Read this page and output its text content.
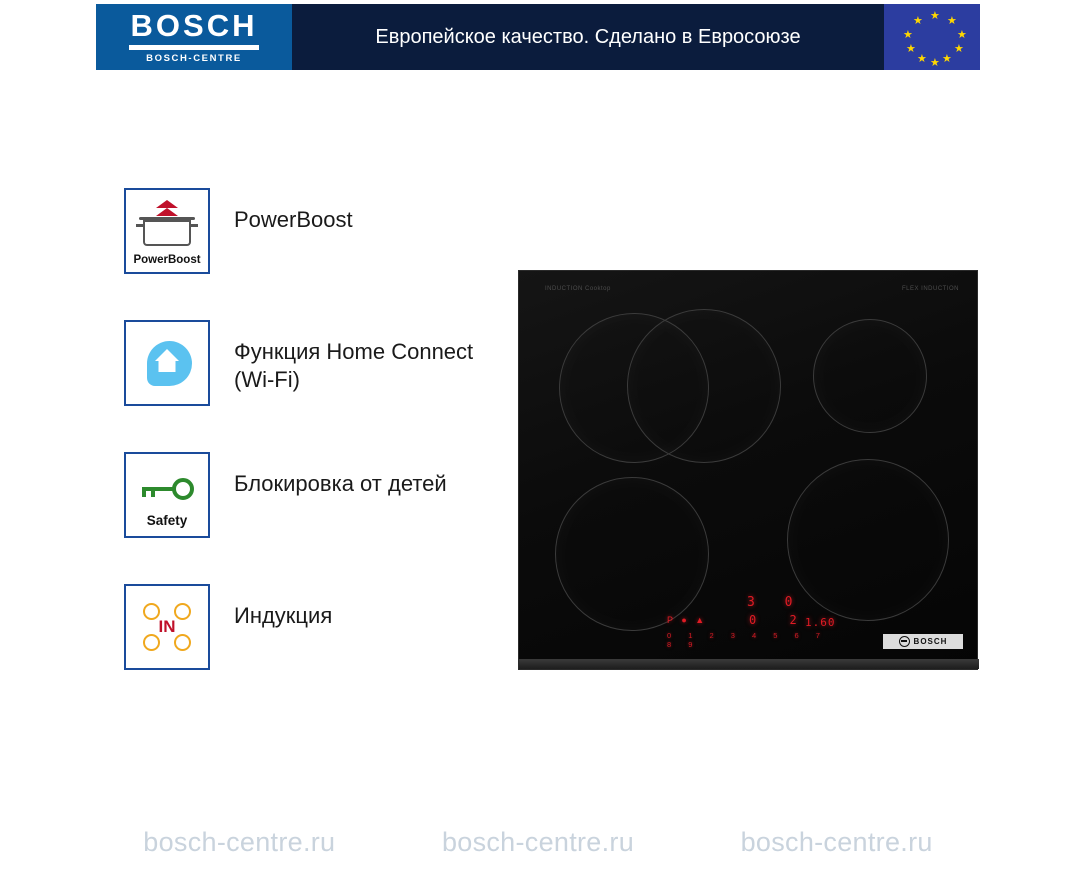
BOSCH
BOSCH-CENTRE
Европейское качество. Сделано в Евросоюзе
★
★ ★
★	★
★	★
★ ★
★
PowerBoost
PowerBoost
Функция Home Connect (Wi-Fi)
Safety
Блокировка от детей
IN	Индукция
INDUCTION Cooktop	FLEX INDUCTION
3 0
0 2
1.60
P ● ▲
0 1 2 3 4 5 6 7 8 9	BOSCH
bosch-centre.ru	bosch-centre.ru	bosch-centre.ru
